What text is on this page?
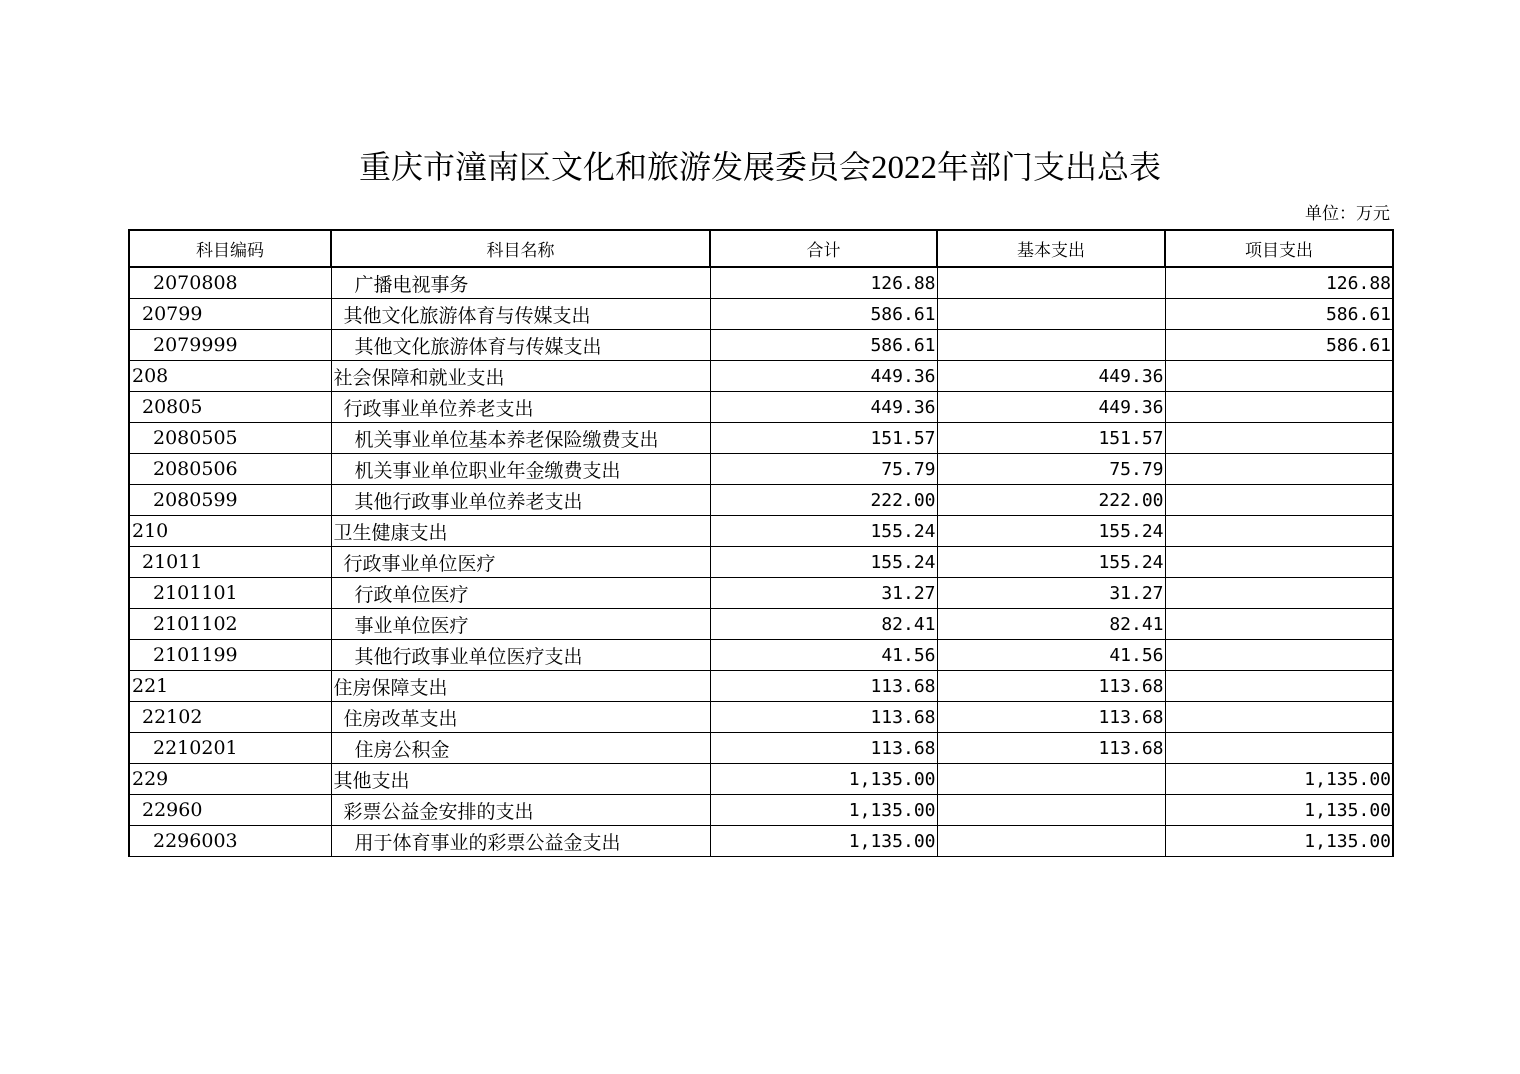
重庆市潼南区文化和旅游发展委员会2022年部门支出总表
单位：万元
科目编码	科目名称	合计	基本支出	项目支出
2070808	广播电视事务	126.88		126.88
20799	其他文化旅游体育与传媒支出	586.61		586.61
2079999	其他文化旅游体育与传媒支出	586.61		586.61
208	社会保障和就业支出	449.36	449.36	
20805	行政事业单位养老支出	449.36	449.36	
2080505	机关事业单位基本养老保险缴费支出	151.57	151.57	
2080506	机关事业单位职业年金缴费支出	75.79	75.79	
2080599	其他行政事业单位养老支出	222.00	222.00	
210	卫生健康支出	155.24	155.24	
21011	行政事业单位医疗	155.24	155.24	
2101101	行政单位医疗	31.27	31.27	
2101102	事业单位医疗	82.41	82.41	
2101199	其他行政事业单位医疗支出	41.56	41.56	
221	住房保障支出	113.68	113.68	
22102	住房改革支出	113.68	113.68	
2210201	住房公积金	113.68	113.68	
229	其他支出	1,135.00		1,135.00
22960	彩票公益金安排的支出	1,135.00		1,135.00
2296003	用于体育事业的彩票公益金支出	1,135.00		1,135.00
